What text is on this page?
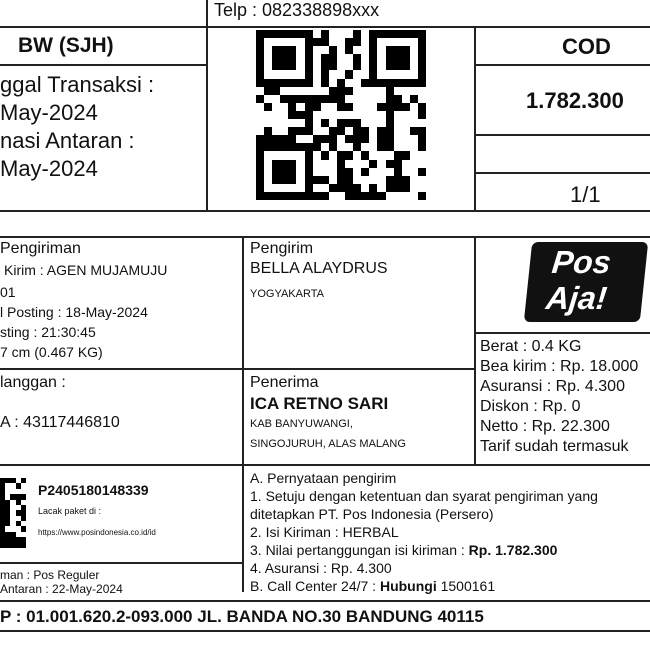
Telp : 082338898xxx
BW (SJH)
ggal Transaksi :
May-2024
nasi Antaran :
May-2024
COD
1.782.300
1/1
Pengiriman
Kirim : AGEN MUJAMUJU
01
l Posting : 18-May-2024
sting : 21:30:45
7 cm (0.467 KG)
Pengirim
BELLA ALAYDRUS
YOGYAKARTA
Pos
Aja!
langgan :
A : 43117446810
Penerima
ICA RETNO SARI
KAB BANYUWANGI,
SINGOJURUH, ALAS MALANG
Berat : 0.4 KG
Bea kirim : Rp. 18.000
Asuransi : Rp. 4.300
Diskon : Rp. 0
Netto : Rp. 22.300
Tarif sudah termasuk
P2405180148339
Lacak paket di :
https://www.posindonesia.co.id/id
man : Pos Reguler
Antaran : 22-May-2024
A. Pernyataan pengirim
1. Setuju dengan ketentuan dan syarat pengiriman yang
ditetapkan PT. Pos Indonesia (Persero)
2. Isi Kiriman : HERBAL
3. Nilai pertanggungan isi kiriman : Rp. 1.782.300
4. Asuransi : Rp. 4.300
B. Call Center 24/7 : Hubungi 1500161
P : 01.001.620.2-093.000 JL. BANDA NO.30 BANDUNG 40115
